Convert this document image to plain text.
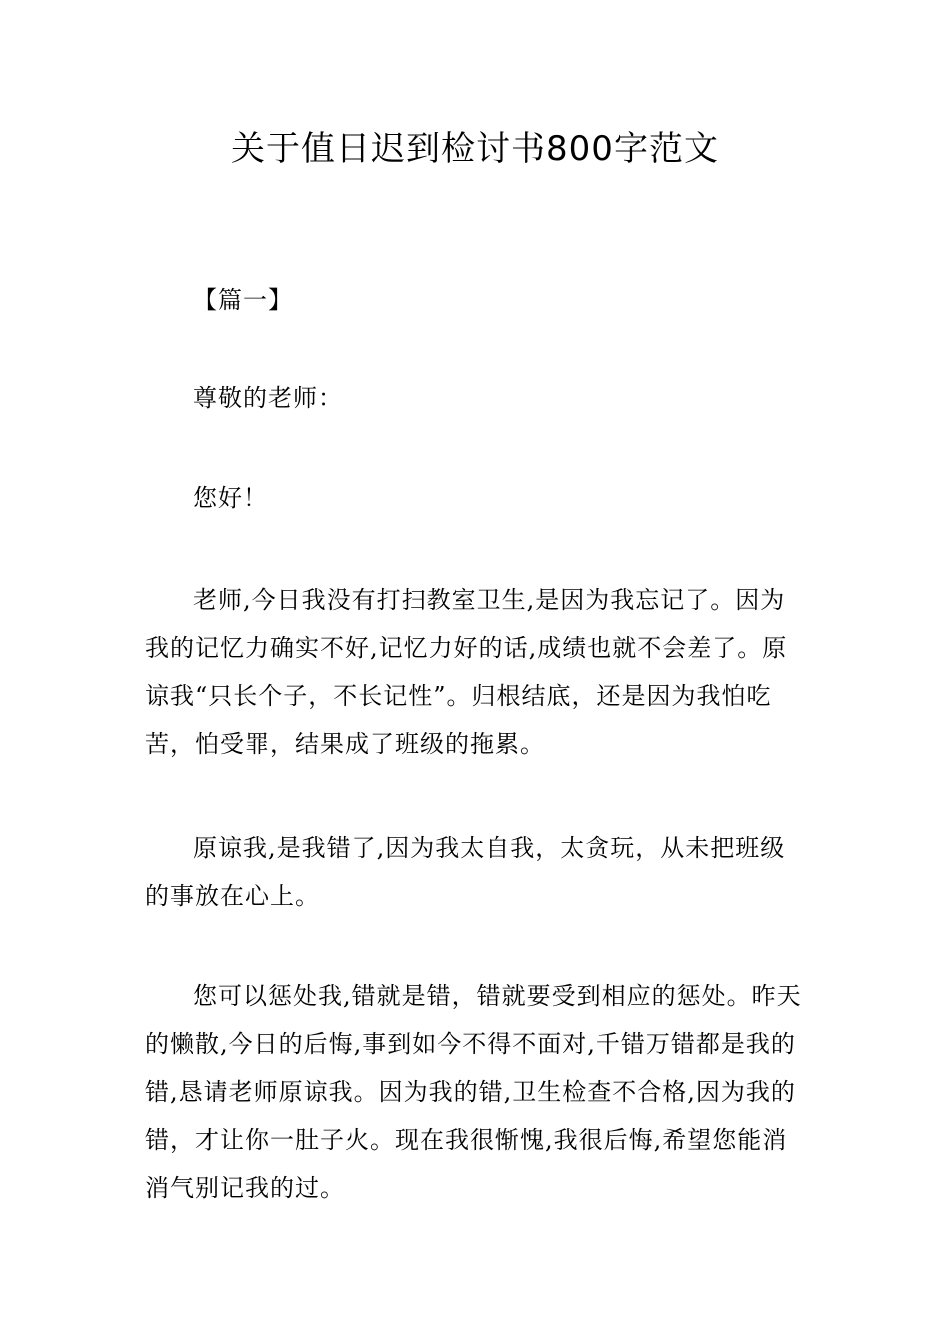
关于值日迟到检讨书800字范文

【篇一】

尊敬的老师：

您好！

老师,今日我没有打扫教室卫生,是因为我忘记了。因为我的记忆力确实不好,记忆力好的话,成绩也就不会差了。原谅我“只长个子，不长记性”。归根结底，还是因为我怕吃苦，怕受罪，结果成了班级的拖累。

原谅我,是我错了,因为我太自我，太贪玩，从未把班级的事放在心上。

您可以惩处我,错就是错，错就要受到相应的惩处。昨天的懒散,今日的后悔,事到如今不得不面对,千错万错都是我的错,恳请老师原谅我。因为我的错,卫生检查不合格,因为我的错，才让你一肚子火。现在我很惭愧,我很后悔,希望您能消消气别记我的过。
